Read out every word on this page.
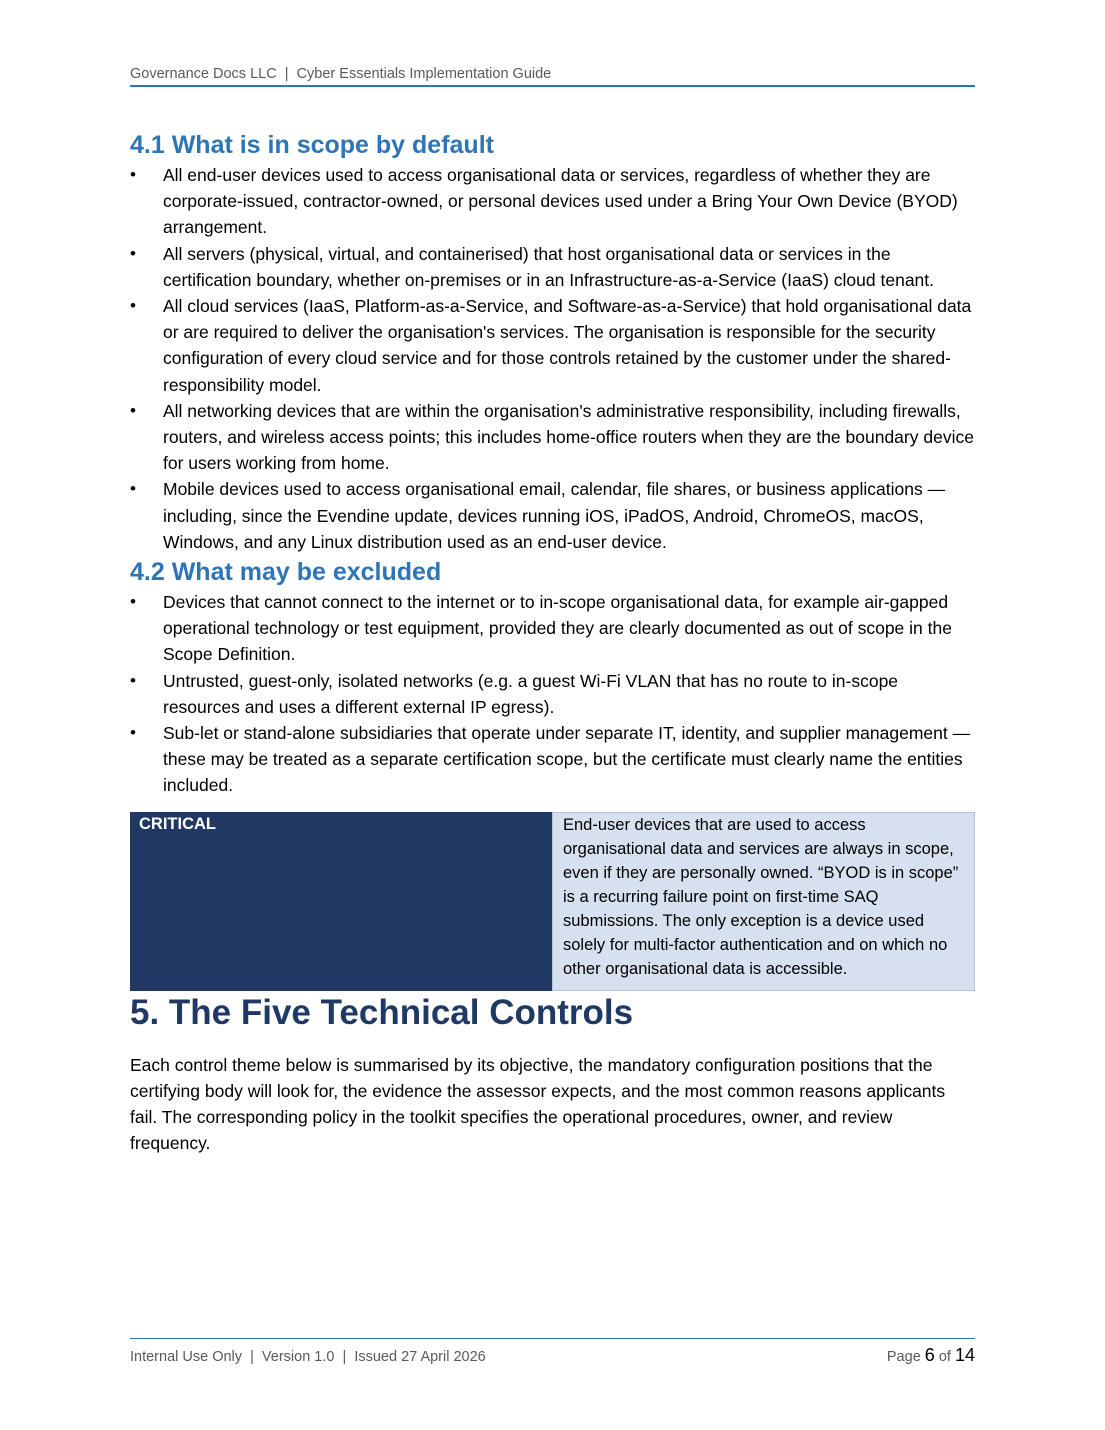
Governance Docs LLC  |  Cyber Essentials Implementation Guide
4.1 What is in scope by default
• All end-user devices used to access organisational data or services, regardless of whether they are corporate-issued, contractor-owned, or personal devices used under a Bring Your Own Device (BYOD) arrangement.
• All servers (physical, virtual, and containerised) that host organisational data or services in the certification boundary, whether on-premises or in an Infrastructure-as-a-Service (IaaS) cloud tenant.
• All cloud services (IaaS, Platform-as-a-Service, and Software-as-a-Service) that hold organisational data or are required to deliver the organisation's services. The organisation is responsible for the security configuration of every cloud service and for those controls retained by the customer under the shared-responsibility model.
• All networking devices that are within the organisation's administrative responsibility, including firewalls, routers, and wireless access points; this includes home-office routers when they are the boundary device for users working from home.
• Mobile devices used to access organisational email, calendar, file shares, or business applications — including, since the Evendine update, devices running iOS, iPadOS, Android, ChromeOS, macOS, Windows, and any Linux distribution used as an end-user device.
4.2 What may be excluded
• Devices that cannot connect to the internet or to in-scope organisational data, for example air-gapped operational technology or test equipment, provided they are clearly documented as out of scope in the Scope Definition.
• Untrusted, guest-only, isolated networks (e.g. a guest Wi-Fi VLAN that has no route to in-scope resources and uses a different external IP egress).
• Sub-let or stand-alone subsidiaries that operate under separate IT, identity, and supplier management — these may be treated as a separate certification scope, but the certificate must clearly name the entities included.
CRITICAL	End-user devices that are used to access organisational data and services are always in scope, even if they are personally owned. “BYOD is in scope” is a recurring failure point on first-time SAQ submissions. The only exception is a device used solely for multi-factor authentication and on which no other organisational data is accessible.
5. The Five Technical Controls

Each control theme below is summarised by its objective, the mandatory configuration positions that the certifying body will look for, the evidence the assessor expects, and the most common reasons applicants fail. The corresponding policy in the toolkit specifies the operational procedures, owner, and review frequency.

Internal Use Only  |  Version 1.0  |  Issued 27 April 2026	Page 6 of 14
